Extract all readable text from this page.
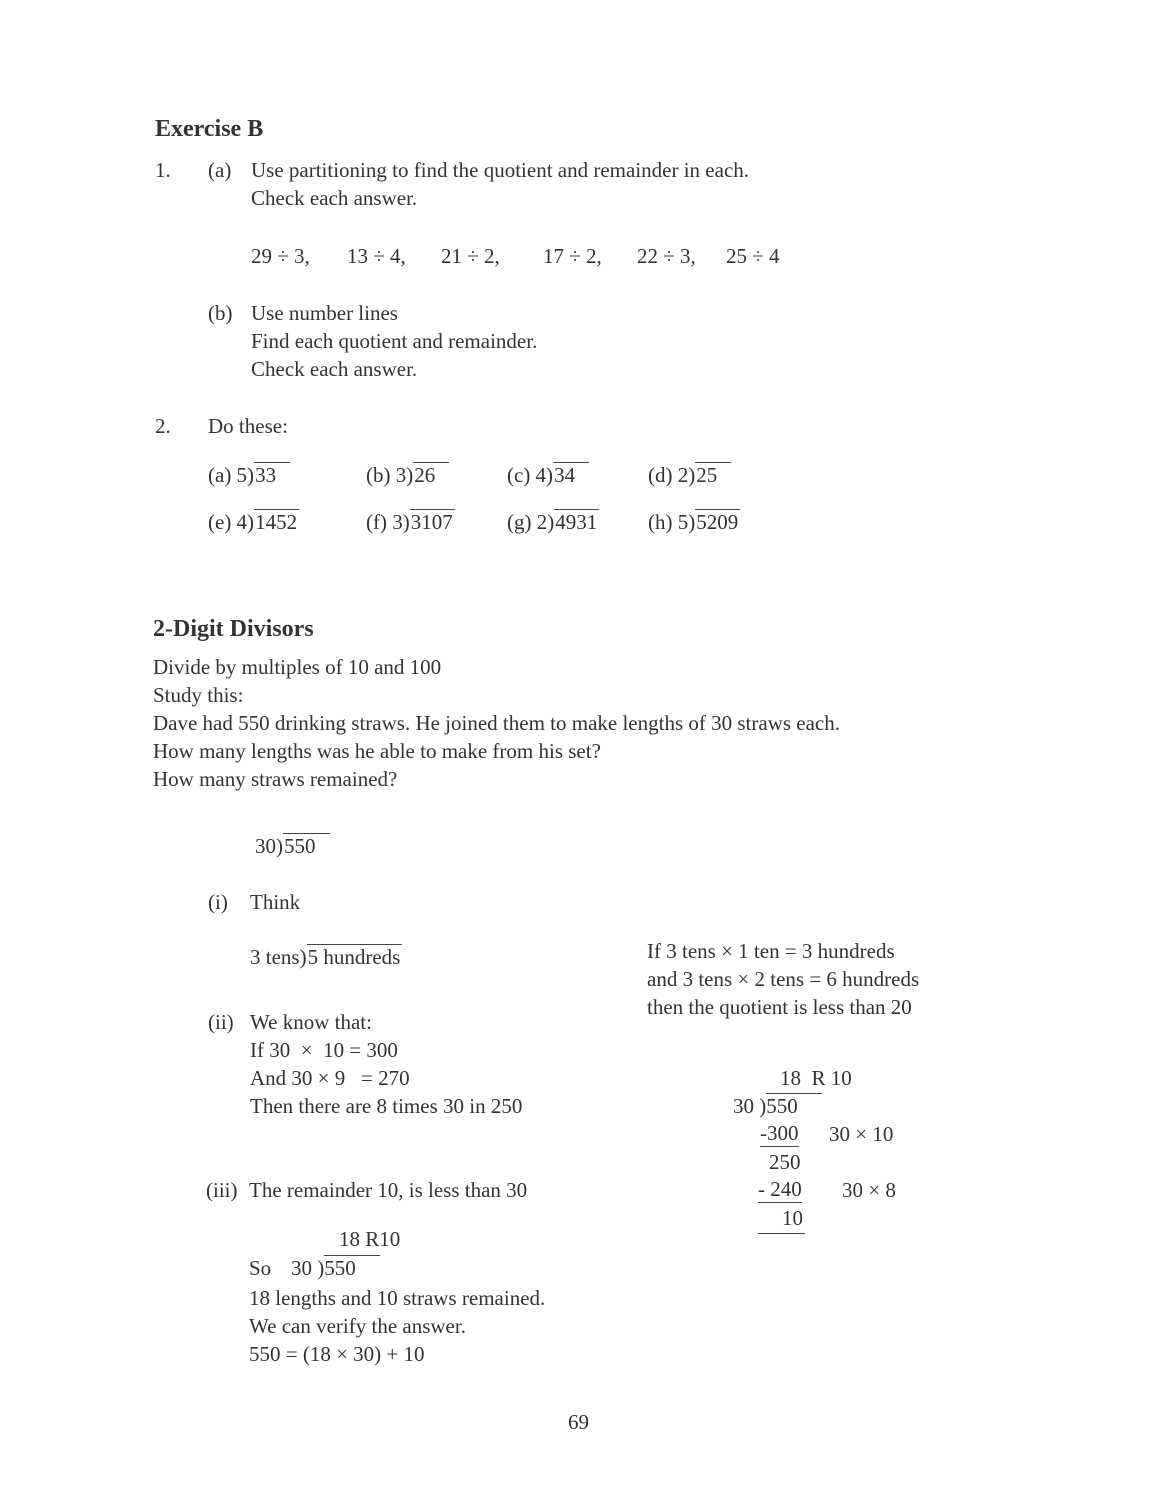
Exercise B
1. (a) Use partitioning to find the quotient and remainder in each.
Check each answer.
29 ÷ 3, 13 ÷ 4, 21 ÷ 2, 17 ÷ 2, 22 ÷ 3, 25 ÷ 4
(b) Use number lines
Find each quotient and remainder.
Check each answer.
2. Do these:
(a) 5)33	(b) 3)26	(c) 4)34	(d) 2)25
(e) 4)1452	(f) 3)3107	(g) 2)4931 (h) 5)5209
2-Digit Divisors
Divide by multiples of 10 and 100
Study this:
Dave had 550 drinking straws. He joined them to make lengths of 30 straws each.
How many lengths was he able to make from his set?
How many straws remained?
30)550
(i) Think
3 tens)5 hundreds	If 3 tens × 1 ten = 3 hundreds
and 3 tens × 2 tens = 6 hundreds
then the quotient is less than 20
(ii) We know that:
If 30  ×  10 = 300
And 30 × 9   = 270
Then there are 8 times 30 in 250
18  R 10
30 )550
-300 30 × 10
250
- 240 30 × 8
10
(iii) The remainder 10, is less than 30
18 R10
So 30 )550
18 lengths and 10 straws remained.
We can verify the answer.
550 = (18 × 30) + 10
69
